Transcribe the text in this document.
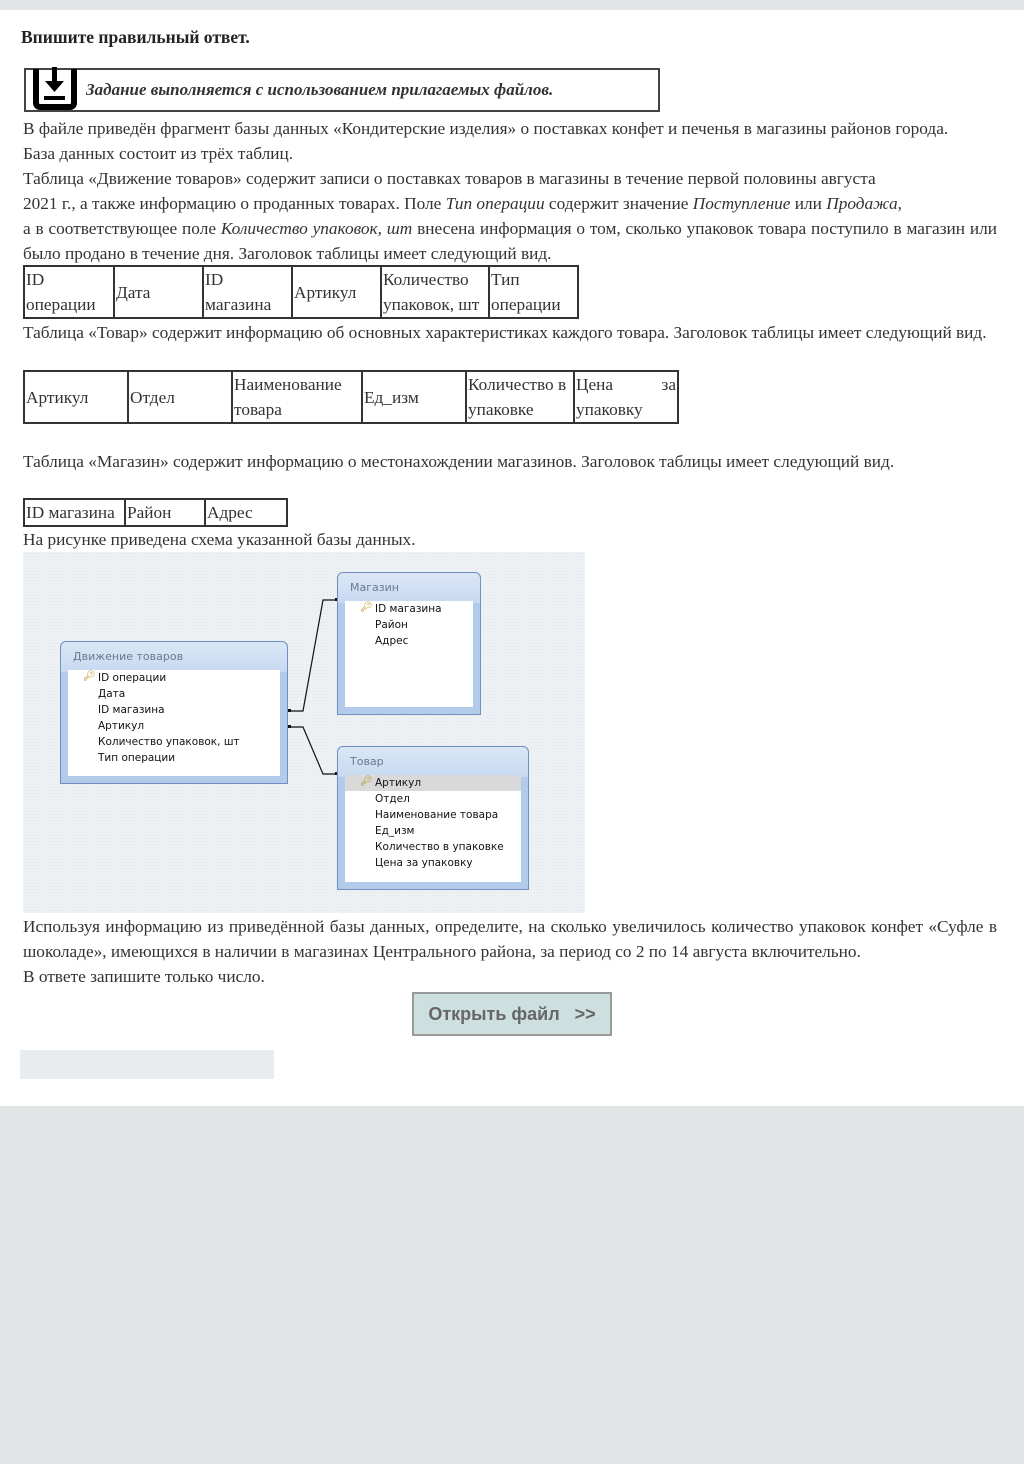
Впишите правильный ответ.
Задание выполняется с использованием прилагаемых файлов.
В файле приведён фрагмент базы данных «Кондитерские изделия» о поставках конфет и печенья в магазины районов города.
База данных состоит из трёх таблиц.
Таблица «Движение товаров» содержит записи о поставках товаров в магазины в течение первой половины августа
2021 г., а также информацию о проданных товарах. Поле Тип операции содержит значение Поступление или Продажа,
а в соответствующее поле Количество упаковок, шт внесена информация о том, сколько упаковок товара поступило в магазин или было продано в течение дня. Заголовок таблицы имеет следующий вид.
ID операции	Дата	ID магазина	Артикул	Количество упаковок, шт	Тип операции
Таблица «Товар» содержит информацию об основных характеристиках каждого товара. Заголовок таблицы имеет следующий вид.
Артикул	Отдел	Наименование товара	Ед_изм	Количество в упаковке	Цена за упаковку
Таблица «Магазин» содержит информацию о местонахождении магазинов. Заголовок таблицы имеет следующий вид.
ID магазина	Район	Адрес
На рисунке приведена схема указанной базы данных.
Движение товаров
🔑︎ ID операции
Дата
ID магазина
Артикул
Количество упаковок, шт
Тип операции
Магазин
🔑︎ ID магазина
Район
Адрес
Товар
🔑︎ Артикул
Отдел
Наименование товара
Ед_изм
Количество в упаковке
Цена за упаковку
Используя информацию из приведённой базы данных, определите, на сколько увеличилось количество упаковок конфет «Суфле в шоколаде», имеющихся в наличии в магазинах Центрального района, за период со 2 по 14 августа включительно.
В ответе запишите только число.
Открыть файл   >>
